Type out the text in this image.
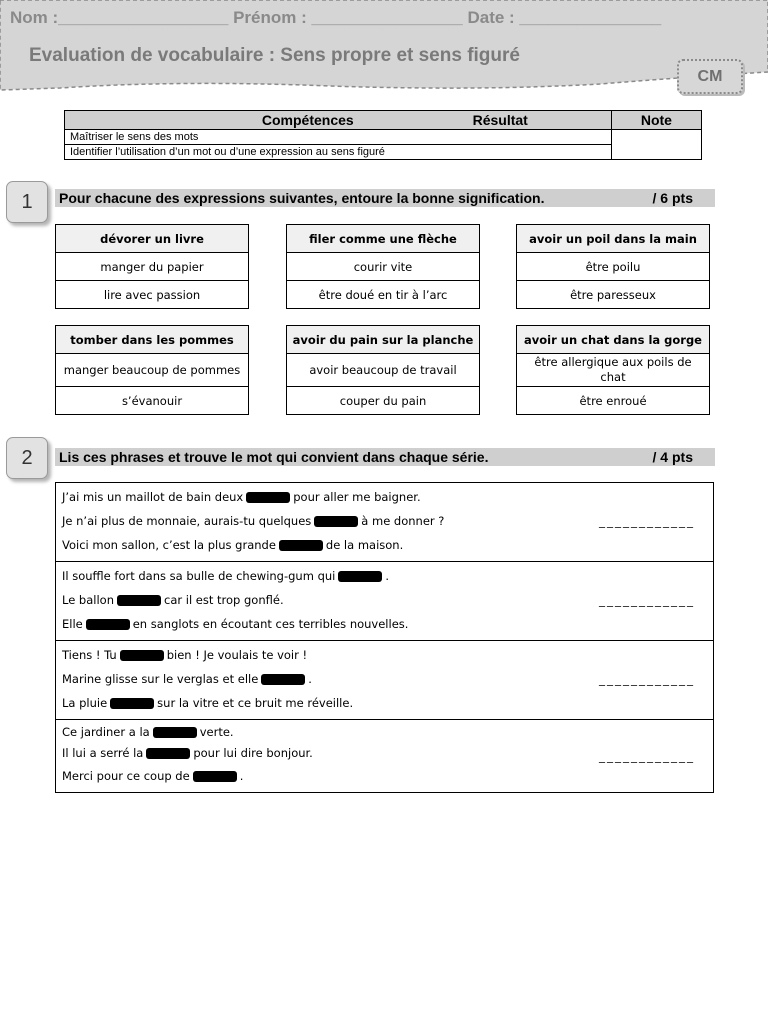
Nom :__________________ Prénom : ________________ Date : _______________
Evaluation de vocabulaire : Sens propre et sens figuré
CM
Compétences	Résultat	Note
Maîtriser le sens des mots		
Identifier l’utilisation d’un mot ou d’une expression au sens figuré		
1	Pour chacune des expressions suivantes, entoure la bonne signification.	/ 6 pts
dévorer un livre
manger du papier
lire avec passion
filer comme une flèche
courir vite
être doué en tir à l’arc
avoir un poil dans la main
être poilu
être paresseux
tomber dans les pommes
manger beaucoup de pommes
s’évanouir
avoir du pain sur la planche
avoir beaucoup de travail
couper du pain
avoir un chat dans la gorge
être allergique aux poils de chat
être enroué
2	Lis ces phrases et trouve le mot qui convient dans chaque série.	/ 4 pts
J’ai mis un maillot de bain deux	pour aller me baigner.
Je n’ai plus de monnaie, aurais-tu quelques	à me donner ?
Voici mon sallon, c’est la plus grande	de la maison.
____________
Il souffle fort dans sa bulle de chewing-gum qui	.
Le ballon	car il est trop gonflé.
Elle	en sanglots en écoutant ces terribles nouvelles.
____________
Tiens ! Tu	bien ! Je voulais te voir !
Marine glisse sur le verglas et elle	.
La pluie	sur la vitre et ce bruit me réveille.
____________
Ce jardiner a la	verte.
Il lui a serré la	pour lui dire bonjour.
Merci pour ce coup de	.
____________
